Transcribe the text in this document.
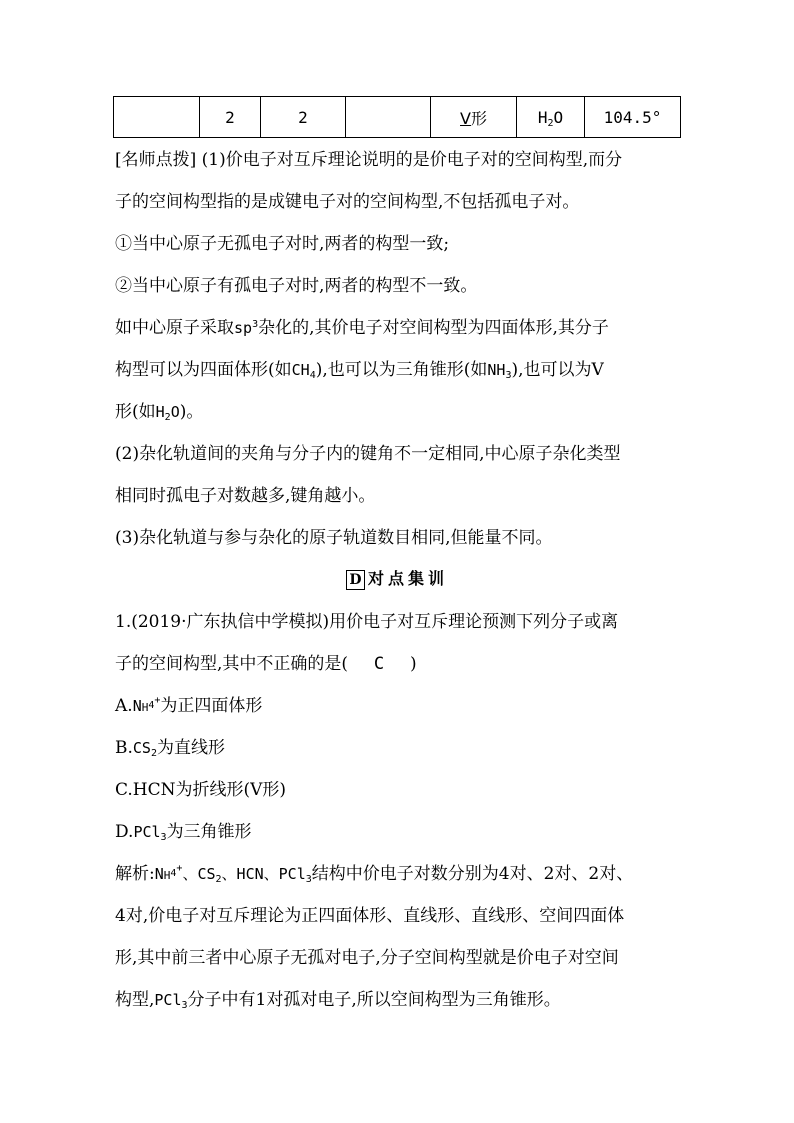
	2	2		V形	$H_2O$	104.5°
[名师点拨] (1)价电子对互斥理论说明的是价电子对的空间构型,而分
子的空间构型指的是成键电子对的空间构型,不包括孤电子对。
①当中心原子无孤电子对时,两者的构型一致;
②当中心原子有孤电子对时,两者的构型不一致。
如中心原子采取$sp^3$杂化的,其价电子对空间构型为四面体形,其分子
构型可以为四面体形(如$CH_4$),也可以为三角锥形(如$NH_3$),也可以为V
形(如$H_2O$)。
(2)杂化轨道间的夹角与分子内的键角不一定相同,中心原子杂化类型
相同时孤电子对数越多,键角越小。
(3)杂化轨道与参与杂化的原子轨道数目相同,但能量不同。
D 对点集训
1.(2019·广东执信中学模拟)用价电子对互斥理论预测下列分子或离
子的空间构型,其中不正确的是( C )
$A.NH_4^+$为正四面体形
$B.CS_2$为直线形
C.HCN为折线形(V形)
D.PCl$_3$为三角锥形
解析$:NH_4^+$、$CS_2$、HCN、PCl$_3$结构中价电子对数分别为4对、2对、2对、
4对,价电子对互斥理论为正四面体形、直线形、直线形、空间四面体
形,其中前三者中心原子无孤对电子,分子空间构型就是价电子对空间
构型,PCl$_3$分子中有1对孤对电子,所以空间构型为三角锥形。
